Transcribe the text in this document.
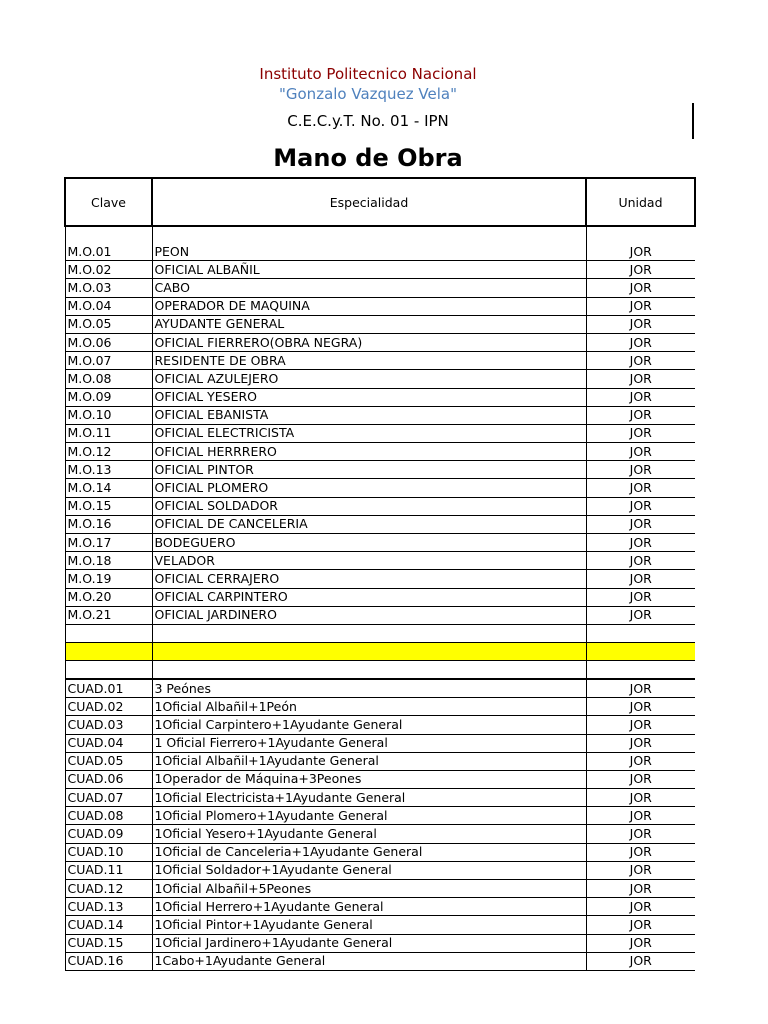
Instituto Politecnico Nacional
"Gonzalo Vazquez Vela"
C.E.C.y.T. No. 01 - IPN
Mano de Obra
Clave	Especialidad	Unidad

M.O.01	PEON	JOR
M.O.02	OFICIAL ALBAÑIL	JOR
M.O.03	CABO	JOR
M.O.04	OPERADOR DE MAQUINA	JOR
M.O.05	AYUDANTE GENERAL	JOR
M.O.06	OFICIAL FIERRERO(OBRA NEGRA)	JOR
M.O.07	RESIDENTE DE OBRA	JOR
M.O.08	OFICIAL AZULEJERO	JOR
M.O.09	OFICIAL YESERO	JOR
M.O.10	OFICIAL EBANISTA	JOR
M.O.11	OFICIAL ELECTRICISTA	JOR
M.O.12	OFICIAL HERRRERO	JOR
M.O.13	OFICIAL PINTOR	JOR
M.O.14	OFICIAL PLOMERO	JOR
M.O.15	OFICIAL SOLDADOR	JOR
M.O.16	OFICIAL DE CANCELERIA	JOR
M.O.17	BODEGUERO	JOR
M.O.18	VELADOR	JOR
M.O.19	OFICIAL CERRAJERO	JOR
M.O.20	OFICIAL CARPINTERO	JOR
M.O.21	OFICIAL JARDINERO	JOR

CUAD.01	3 Peónes	JOR
CUAD.02	1Oficial Albañil+1Peón	JOR
CUAD.03	1Oficial Carpintero+1Ayudante General	JOR
CUAD.04	1 Oficial Fierrero+1Ayudante General	JOR
CUAD.05	1Oficial Albañil+1Ayudante General	JOR
CUAD.06	1Operador de Máquina+3Peones	JOR
CUAD.07	1Oficial Electricista+1Ayudante General	JOR
CUAD.08	1Oficial Plomero+1Ayudante General	JOR
CUAD.09	1Oficial Yesero+1Ayudante General	JOR
CUAD.10	1Oficial de Canceleria+1Ayudante General	JOR
CUAD.11	1Oficial Soldador+1Ayudante General	JOR
CUAD.12	1Oficial Albañil+5Peones	JOR
CUAD.13	1Oficial Herrero+1Ayudante General	JOR
CUAD.14	1Oficial Pintor+1Ayudante General	JOR
CUAD.15	1Oficial Jardinero+1Ayudante General	JOR
CUAD.16	1Cabo+1Ayudante General	JOR
